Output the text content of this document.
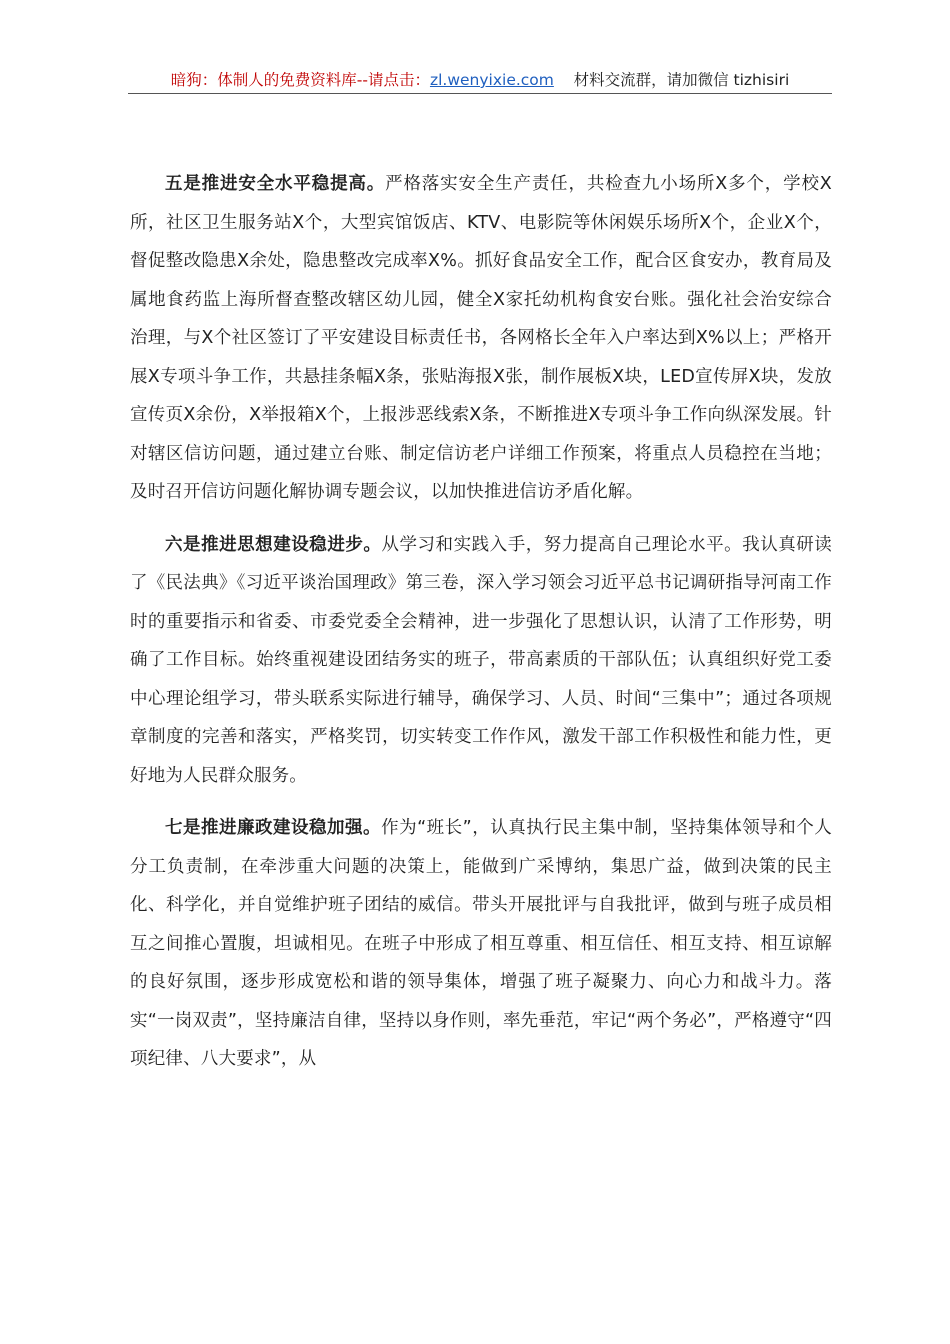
暗狗：体制人的免费资料库--请点击：zl.wenyixie.com 材料交流群，请加微信 tizhisiri

五是推进安全水平稳提高。严格落实安全生产责任，共检查九小场所X多个，学校X所，社区卫生服务站X个，大型宾馆饭店、KTV、电影院等休闲娱乐场所X个，企业X个，督促整改隐患X余处，隐患整改完成率X%。抓好食品安全工作，配合区食安办，教育局及属地食药监上海所督查整改辖区幼儿园，健全X家托幼机构食安台账。强化社会治安综合治理，与X个社区签订了平安建设目标责任书，各网格长全年入户率达到X%以上；严格开展X专项斗争工作，共悬挂条幅X条，张贴海报X张，制作展板X块，LED宣传屏X块，发放宣传页X余份，X举报箱X个，上报涉恶线索X条，不断推进X专项斗争工作向纵深发展。针对辖区信访问题，通过建立台账、制定信访老户详细工作预案，将重点人员稳控在当地；及时召开信访问题化解协调专题会议，以加快推进信访矛盾化解。

六是推进思想建设稳进步。从学习和实践入手，努力提高自己理论水平。我认真研读了《民法典》《习近平谈治国理政》第三卷，深入学习领会习近平总书记调研指导河南工作时的重要指示和省委、市委党委全会精神，进一步强化了思想认识，认清了工作形势，明确了工作目标。始终重视建设团结务实的班子，带高素质的干部队伍；认真组织好党工委中心理论组学习，带头联系实际进行辅导，确保学习、人员、时间“三集中”；通过各项规章制度的完善和落实，严格奖罚，切实转变工作作风，激发干部工作积极性和能力性，更好地为人民群众服务。

七是推进廉政建设稳加强。作为“班长”，认真执行民主集中制，坚持集体领导和个人分工负责制，在牵涉重大问题的决策上，能做到广采博纳，集思广益，做到决策的民主化、科学化，并自觉维护班子团结的威信。带头开展批评与自我批评，做到与班子成员相互之间推心置腹，坦诚相见。在班子中形成了相互尊重、相互信任、相互支持、相互谅解的良好氛围，逐步形成宽松和谐的领导集体，增强了班子凝聚力、向心力和战斗力。落实“一岗双责”，坚持廉洁自律，坚持以身作则，率先垂范，牢记“两个务必”，严格遵守“四项纪律、八大要求”，从
